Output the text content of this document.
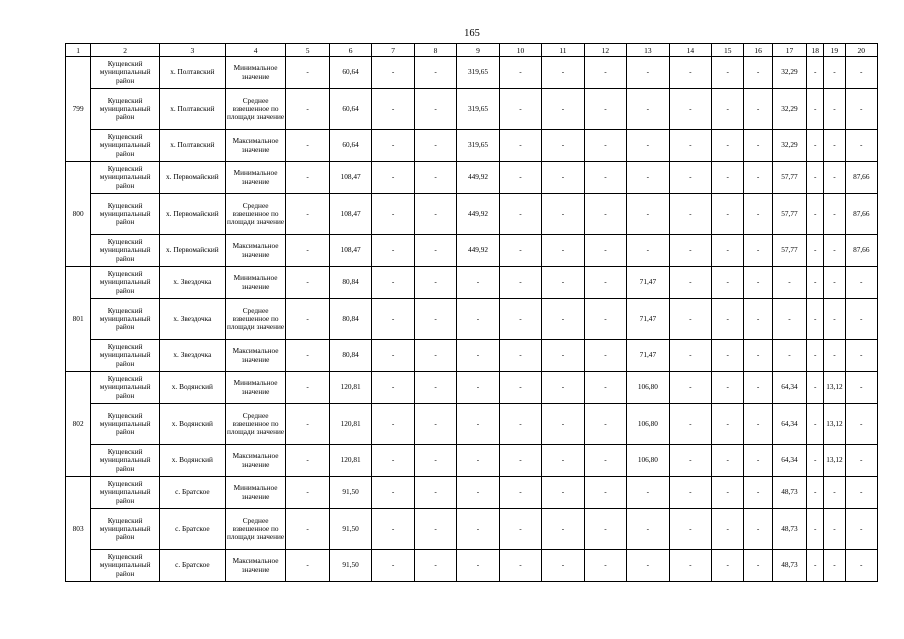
165
1	2	3	4	5	6	7	8	9	10	11	12	13	14	15	16	17	18	19	20
799	Кущевский муниципальный район	х. Полтавский	Минимальное значение	-	60,64	-	-	319,65	-	-	-	-	-	-	-	32,29	-	-	-
	Кущевский муниципальный район	х. Полтавский	Среднее взвешенное по площади значение	-	60,64	-	-	319,65	-	-	-	-	-	-	-	32,29	-	-	-
	Кущевский муниципальный район	х. Полтавский	Максимальное значение	-	60,64	-	-	319,65	-	-	-	-	-	-	-	32,29	-	-	-
800	Кущевский муниципальный район	х. Первомайский	Минимальное значение	-	108,47	-	-	449,92	-	-	-	-	-	-	-	57,77	-	-	87,66
	Кущевский муниципальный район	х. Первомайский	Среднее взвешенное по площади значение	-	108,47	-	-	449,92	-	-	-	-	-	-	-	57,77	-	-	87,66
	Кущевский муниципальный район	х. Первомайский	Максимальное значение	-	108,47	-	-	449,92	-	-	-	-	-	-	-	57,77	-	-	87,66
801	Кущевский муниципальный район	х. Звездочка	Минимальное значение	-	80,84	-	-	-	-	-	-	71,47	-	-	-	-	-	-	-
	Кущевский муниципальный район	х. Звездочка	Среднее взвешенное по площади значение	-	80,84	-	-	-	-	-	-	71,47	-	-	-	-	-	-	-
	Кущевский муниципальный район	х. Звездочка	Максимальное значение	-	80,84	-	-	-	-	-	-	71,47	-	-	-	-	-	-	-
802	Кущевский муниципальный район	х. Водянский	Минимальное значение	-	120,81	-	-	-	-	-	-	106,80	-	-	-	64,34	-	13,12	-
	Кущевский муниципальный район	х. Водянский	Среднее взвешенное по площади значение	-	120,81	-	-	-	-	-	-	106,80	-	-	-	64,34	-	13,12	-
	Кущевский муниципальный район	х. Водянский	Максимальное значение	-	120,81	-	-	-	-	-	-	106,80	-	-	-	64,34	-	13,12	-
803	Кущевский муниципальный район	с. Братское	Минимальное значение	-	91,50	-	-	-	-	-	-	-	-	-	-	48,73	-	-	-
	Кущевский муниципальный район	с. Братское	Среднее взвешенное по площади значение	-	91,50	-	-	-	-	-	-	-	-	-	-	48,73	-	-	-
	Кущевский муниципальный район	с. Братское	Максимальное значение	-	91,50	-	-	-	-	-	-	-	-	-	-	48,73	-	-	-
